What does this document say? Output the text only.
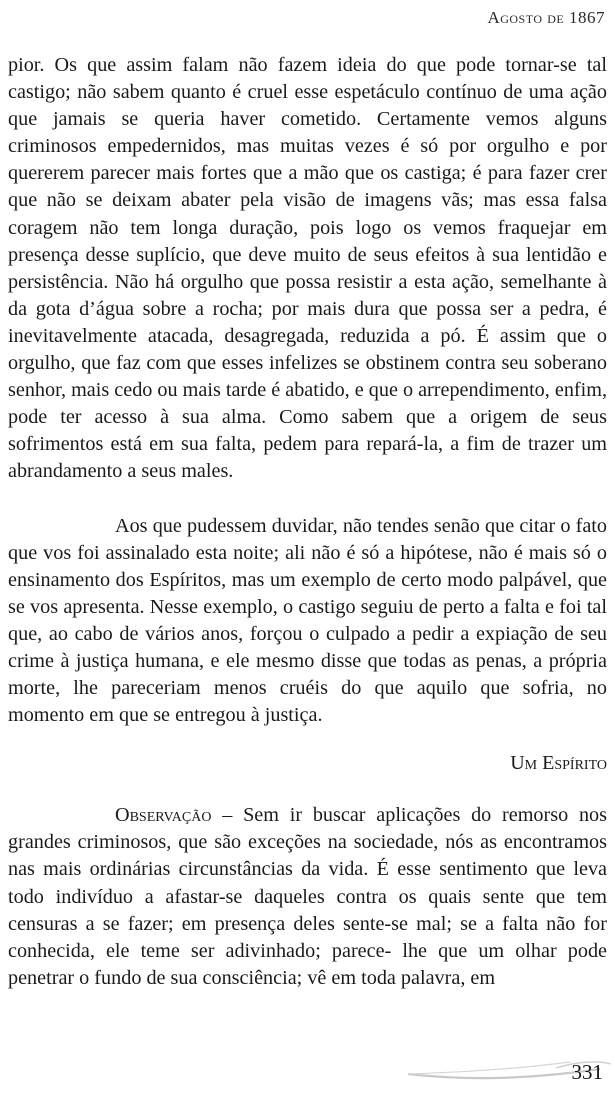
Agosto de 1867

pior. Os que assim falam não fazem ideia do que pode tornar-se tal castigo; não sabem quanto é cruel esse espetáculo contínuo de uma ação que jamais se queria haver cometido. Certamente vemos alguns criminosos empedernidos, mas muitas vezes é só por orgulho e por quererem parecer mais fortes que a mão que os castiga; é para fazer crer que não se deixam abater pela visão de imagens vãs; mas essa falsa coragem não tem longa duração, pois logo os vemos fraquejar em presença desse suplício, que deve muito de seus efeitos à sua lentidão e persistência. Não há orgulho que possa resistir a esta ação, semelhante à da gota d’água sobre a rocha; por mais dura que possa ser a pedra, é inevitavelmente atacada, desagregada, reduzida a pó. É assim que o orgulho, que faz com que esses infelizes se obstinem contra seu soberano senhor, mais cedo ou mais tarde é abatido, e que o arrependimento, enfim, pode ter acesso à sua alma. Como sabem que a origem de seus sofrimentos está em sua falta, pedem para repará-la, a fim de trazer um abrandamento a seus males.

Aos que pudessem duvidar, não tendes senão que citar o fato que vos foi assinalado esta noite; ali não é só a hipótese, não é mais só o ensinamento dos Espíritos, mas um exemplo de certo modo palpável, que se vos apresenta. Nesse exemplo, o castigo seguiu de perto a falta e foi tal que, ao cabo de vários anos, forçou o culpado a pedir a expiação de seu crime à justiça humana, e ele mesmo disse que todas as penas, a própria morte, lhe pareceriam menos cruéis do que aquilo que sofria, no momento em que se entregou à justiça.

Um Espírito

Observação – Sem ir buscar aplicações do remorso nos grandes criminosos, que são exceções na sociedade, nós as encontramos nas mais ordinárias circunstâncias da vida. É esse sentimento que leva todo indivíduo a afastar-se daqueles contra os quais sente que tem censuras a se fazer; em presença deles sente-se mal; se a falta não for conhecida, ele teme ser adivinhado; parece- lhe que um olhar pode penetrar o fundo de sua consciência; vê em toda palavra, em

331
